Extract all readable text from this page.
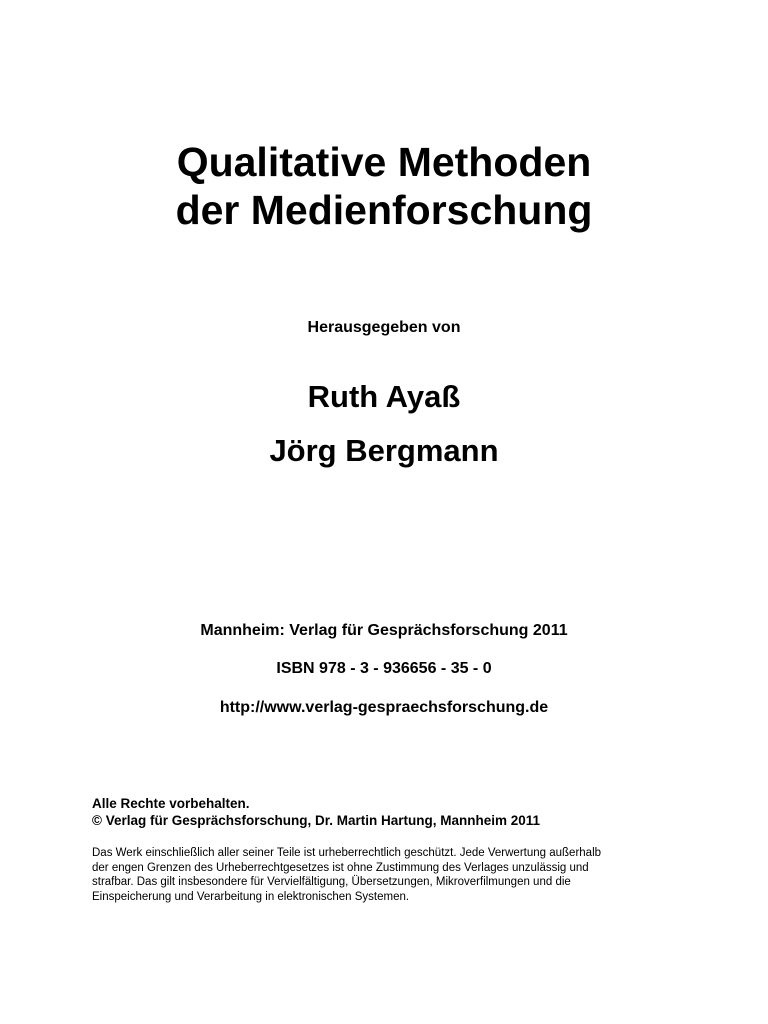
Qualitative Methoden
der Medienforschung
Herausgegeben von
Ruth Ayaß
Jörg Bergmann
Mannheim: Verlag für Gesprächsforschung 2011
ISBN 978 - 3 - 936656 - 35 - 0
http://www.verlag-gespraechsforschung.de
Alle Rechte vorbehalten.
© Verlag für Gesprächsforschung, Dr. Martin Hartung, Mannheim 2011
Das Werk einschließlich aller seiner Teile ist urheberrechtlich geschützt. Jede Verwertung außerhalb
der engen Grenzen des Urheberrechtgesetzes ist ohne Zustimmung des Verlages unzulässig und
strafbar. Das gilt insbesondere für Vervielfältigung, Übersetzungen, Mikroverfilmungen und die
Einspeicherung und Verarbeitung in elektronischen Systemen.
